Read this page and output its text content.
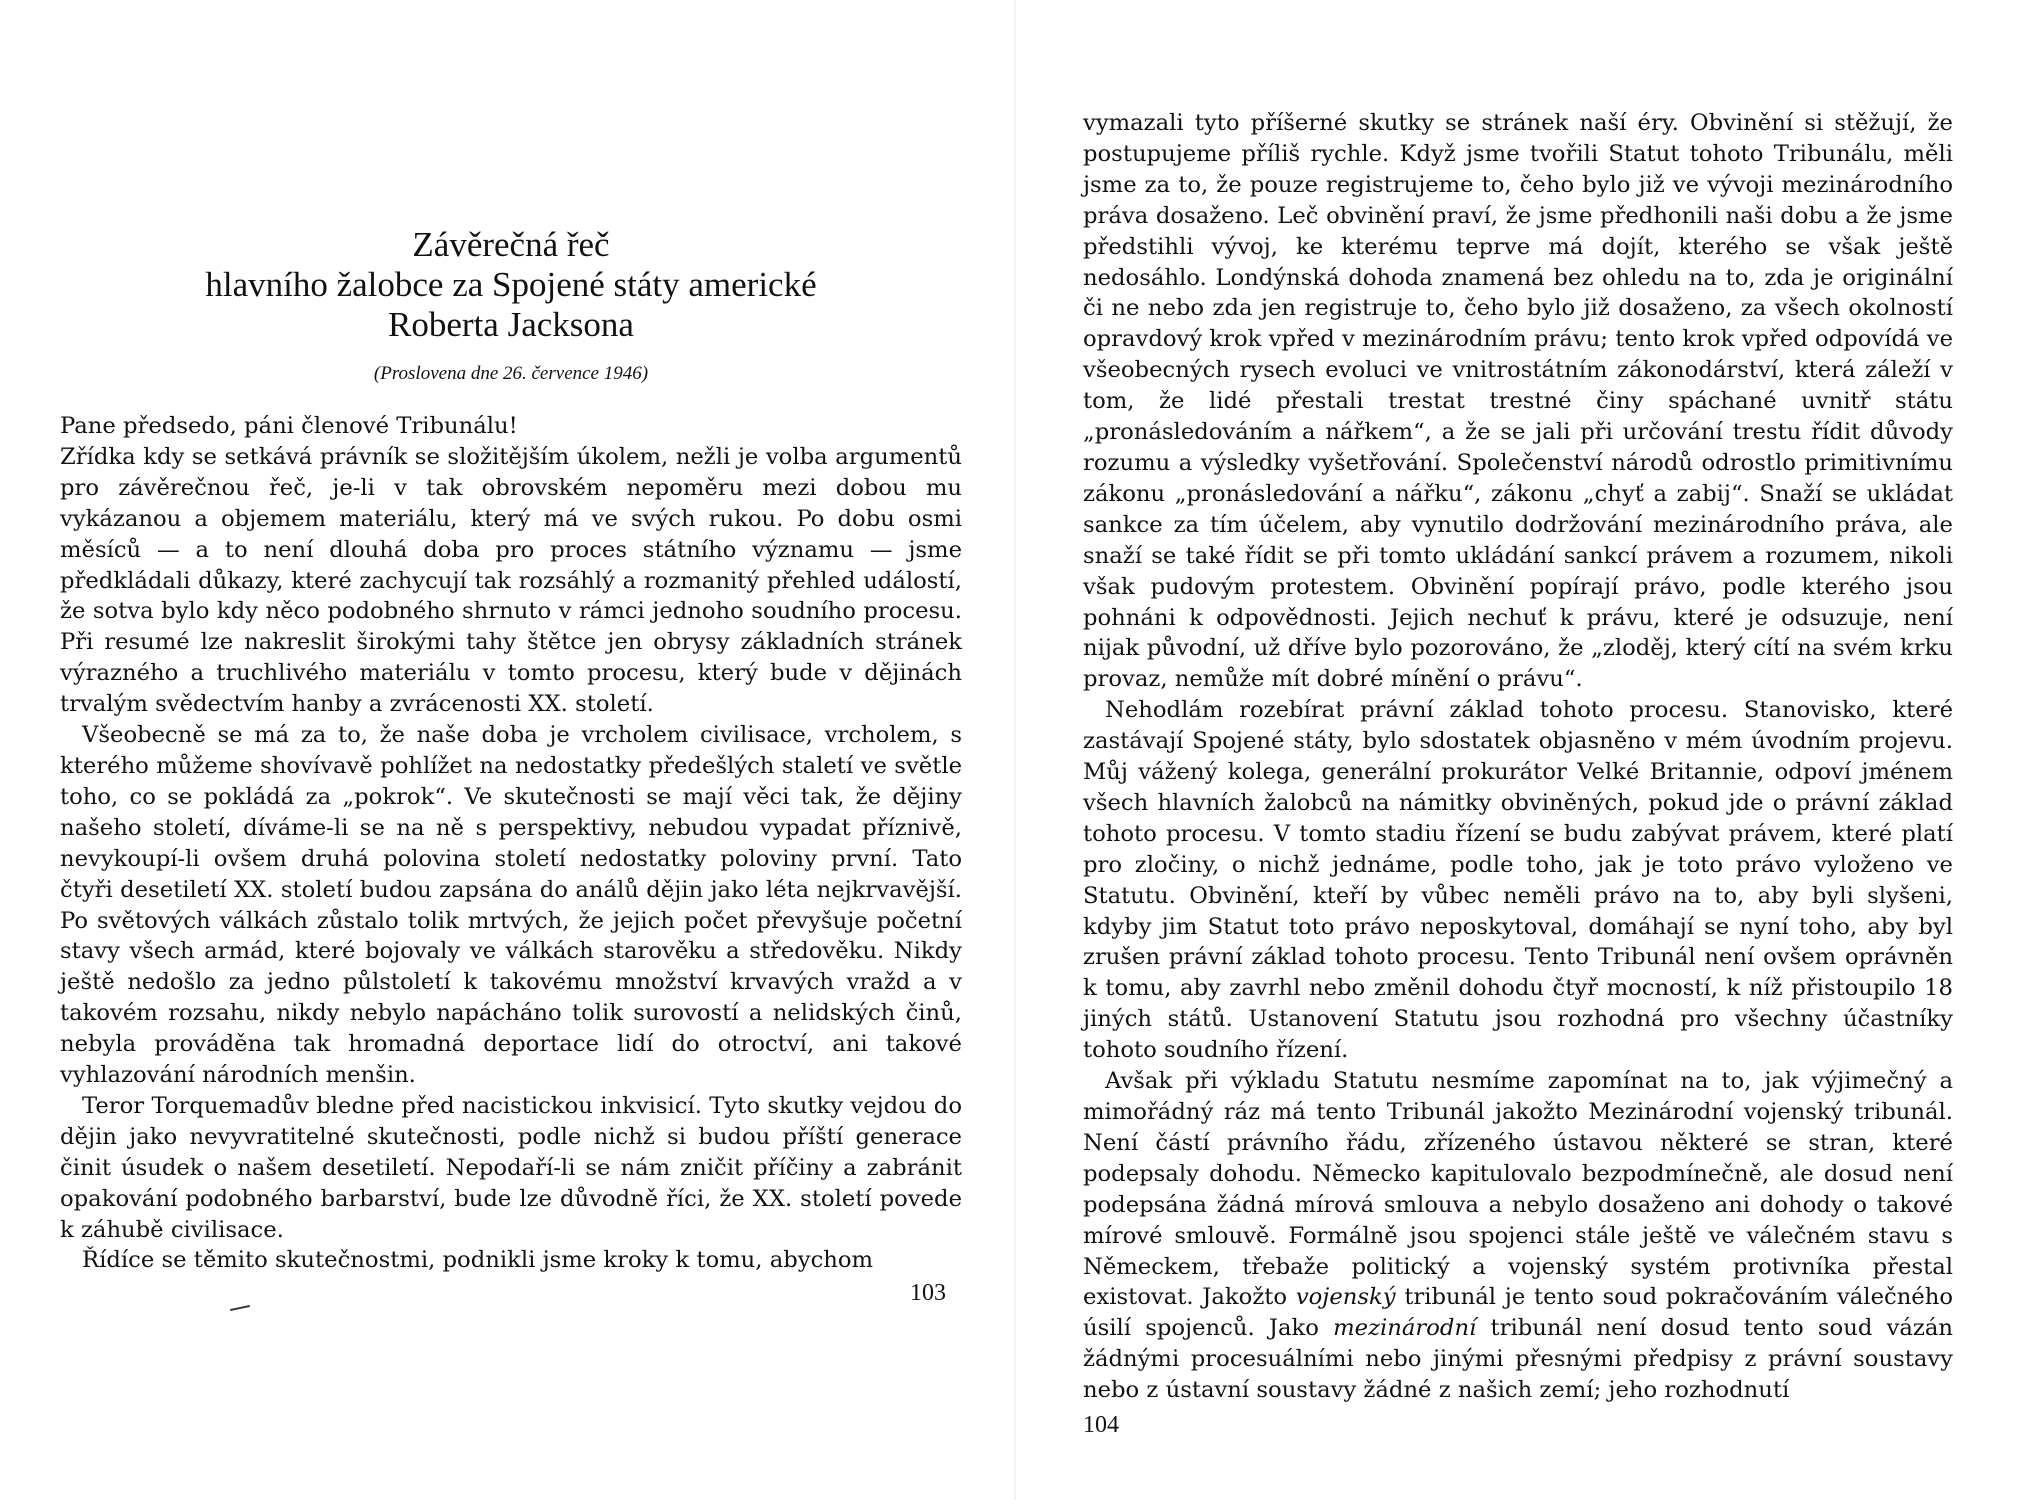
Závěrečná řeč

hlavního žalobce za Spojené státy americké

Roberta Jacksona

(Proslovena dne 26. července 1946)

Pane předsedo, páni členové Tribunálu!

Zřídka kdy se setkává právník se složitějším úkolem, nežli je volba argumentů pro závěrečnou řeč, je-li v tak obrovském nepoměru mezi dobou mu vykázanou a objemem materiálu, který má ve svých rukou. Po dobu osmi měsíců — a to není dlouhá doba pro proces státního významu — jsme předkládali důkazy, které zachycují tak rozsáhlý a rozmanitý přehled událostí, že sotva bylo kdy něco podobného shrnuto v rámci jednoho soudního procesu. Při resumé lze nakreslit širokými tahy štětce jen obrysy základních stránek výrazného a truchlivého materiálu v tomto procesu, který bude v dějinách trvalým svědectvím hanby a zvrácenosti XX. století.

Všeobecně se má za to, že naše doba je vrcholem civilisace, vrcholem, s kterého můžeme shovívavě pohlížet na nedostatky předešlých staletí ve světle toho, co se pokládá za „pokrok“. Ve skutečnosti se mají věci tak, že dějiny našeho století, díváme-li se na ně s perspektivy, nebudou vypadat příznivě, nevykoupí-li ovšem druhá polovina století nedostatky poloviny první. Tato čtyři desetiletí XX. století budou zapsána do análů dějin jako léta nejkrvavější. Po světových válkách zůstalo tolik mrtvých, že jejich počet převyšuje početní stavy všech armád, které bojovaly ve válkách starověku a středověku. Nikdy ještě nedošlo za jedno půlstoletí k takovému množství krvavých vražd a v takovém rozsahu, nikdy nebylo napácháno tolik surovostí a nelidských činů, nebyla prováděna tak hromadná deportace lidí do otroctví, ani takové vyhlazování národních menšin.

Teror Torquemadův bledne před nacistickou inkvisicí. Tyto skutky vejdou do dějin jako nevyvratitelné skutečnosti, podle nichž si budou příští generace činit úsudek o našem desetiletí. Nepodaří-li se nám zničit příčiny a zabránit opakování podobného barbarství, bude lze důvodně říci, že XX. století povede k záhubě civilisace.

Řídíce se těmito skutečnostmi, podnikli jsme kroky k tomu, abychom

103

vymazali tyto příšerné skutky se stránek naší éry. Obvinění si stěžují, že postupujeme příliš rychle. Když jsme tvořili Statut tohoto Tribunálu, měli jsme za to, že pouze registrujeme to, čeho bylo již ve vývoji mezinárodního práva dosaženo. Leč obvinění praví, že jsme předhonili naši dobu a že jsme předstihli vývoj, ke kterému teprve má dojít, kterého se však ještě nedosáhlo. Londýnská dohoda znamená bez ohledu na to, zda je originální či ne nebo zda jen registruje to, čeho bylo již dosaženo, za všech okolností opravdový krok vpřed v mezinárodním právu; tento krok vpřed odpovídá ve všeobecných rysech evoluci ve vnitrostátním zákonodárství, která záleží v tom, že lidé přestali trestat trestné činy spáchané uvnitř státu „pronásledováním a nářkem“, a že se jali při určování trestu řídit důvody rozumu a výsledky vyšetřování. Společenství národů odrostlo primitivnímu zákonu „pronásledování a nářku“, zákonu „chyť a zabij“. Snaží se ukládat sankce za tím účelem, aby vynutilo dodržování mezinárodního práva, ale snaží se také řídit se při tomto ukládání sankcí právem a rozumem, nikoli však pudovým protestem. Obvinění popírají právo, podle kterého jsou pohnáni k odpovědnosti. Jejich nechuť k právu, které je odsuzuje, není nijak původní, už dříve bylo pozorováno, že „zloděj, který cítí na svém krku provaz, nemůže mít dobré mínění o právu“.

Nehodlám rozebírat právní základ tohoto procesu. Stanovisko, které zastávají Spojené státy, bylo sdostatek objasněno v mém úvodním projevu. Můj vážený kolega, generální prokurátor Velké Britannie, odpoví jménem všech hlavních žalobců na námitky obviněných, pokud jde o právní základ tohoto procesu. V tomto stadiu řízení se budu zabývat právem, které platí pro zločiny, o nichž jednáme, podle toho, jak je toto právo vyloženo ve Statutu. Obvinění, kteří by vůbec neměli právo na to, aby byli slyšeni, kdyby jim Statut toto právo neposkytoval, domáhají se nyní toho, aby byl zrušen právní základ tohoto procesu. Tento Tribunál není ovšem oprávněn k tomu, aby zavrhl nebo změnil dohodu čtyř mocností, k níž přistoupilo 18 jiných států. Ustanovení Statutu jsou rozhodná pro všechny účastníky tohoto soudního řízení.

Avšak při výkladu Statutu nesmíme zapomínat na to, jak výjimečný a mimořádný ráz má tento Tribunál jakožto Mezinárodní vojenský tribunál. Není částí právního řádu, zřízeného ústavou některé se stran, které podepsaly dohodu. Německo kapitulovalo bezpodmínečně, ale dosud není podepsána žádná mírová smlouva a nebylo dosaženo ani dohody o takové mírové smlouvě. Formálně jsou spojenci stále ještě ve válečném stavu s Německem, třebaže politický a vojenský systém protivníka přestal existovat. Jakožto vojenský tribunál je tento soud pokračováním válečného úsilí spojenců. Jako mezinárodní tribunál není dosud tento soud vázán žádnými procesuálními nebo jinými přesnými předpisy z právní soustavy nebo z ústavní soustavy žádné z našich zemí; jeho rozhodnutí

104
